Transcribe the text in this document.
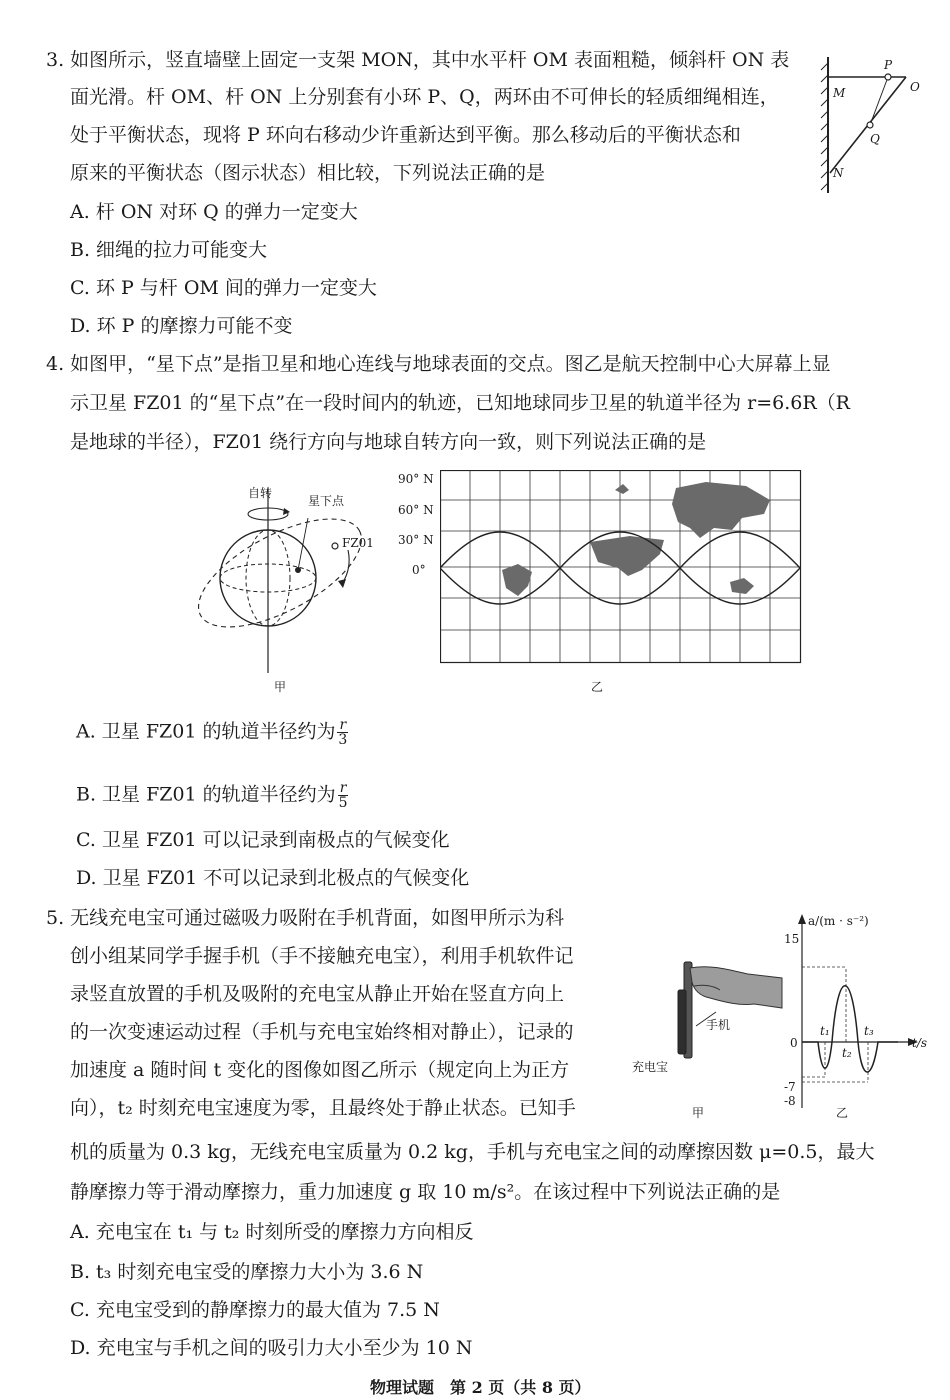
3. 如图所示，竖直墙壁上固定一支架 MON，其中水平杆 OM 表面粗糙，倾斜杆 ON 表
面光滑。杆 OM、杆 ON 上分别套有小环 P、Q，两环由不可伸长的轻质细绳相连，
处于平衡状态，现将 P 环向右移动少许重新达到平衡。那么移动后的平衡状态和
原来的平衡状态（图示状态）相比较，下列说法正确的是
A. 杆 ON 对环 Q 的弹力一定变大
B. 细绳的拉力可能变大
C. 环 P 与杆 OM 间的弹力一定变大
D. 环 P 的摩擦力可能不变
P
O
M
Q
N
4. 如图甲，“星下点”是指卫星和地心连线与地球表面的交点。图乙是航天控制中心大屏幕上显
示卫星 FZ01 的“星下点”在一段时间内的轨迹，已知地球同步卫星的轨道半径为 r=6.6R（R
是地球的半径），FZ01 绕行方向与地球自转方向一致，则下列说法正确的是
自转
星下点
FZ01
甲
90° N
60° N
30° N
0°
乙
A. 卫星 FZ01 的轨道半径约为 $\frac{r}{3}$
B. 卫星 FZ01 的轨道半径约为 $\frac{r}{5}$
C. 卫星 FZ01 可以记录到南极点的气候变化
D. 卫星 FZ01 不可以记录到北极点的气候变化
5. 无线充电宝可通过磁吸力吸附在手机背面，如图甲所示为科
创小组某同学手握手机（手不接触充电宝），利用手机软件记
录竖直放置的手机及吸附的充电宝从静止开始在竖直方向上
的一次变速运动过程（手机与充电宝始终相对静止），记录的
加速度 a 随时间 t 变化的图像如图乙所示（规定向上为正方
向），t₂ 时刻充电宝速度为零，且最终处于静止状态。已知手
机的质量为 0.3 kg，无线充电宝质量为 0.2 kg，手机与充电宝之间的动摩擦因数 μ=0.5，最大
静摩擦力等于滑动摩擦力，重力加速度 g 取 10 m/s²。在该过程中下列说法正确的是
A. 充电宝在 t₁ 与 t₂ 时刻所受的摩擦力方向相反
B. t₃ 时刻充电宝受的摩擦力大小为 3.6 N
C. 充电宝受到的静摩擦力的最大值为 7.5 N
D. 充电宝与手机之间的吸引力大小至少为 10 N
手机
充电宝
甲
a/(m · s⁻²)
t/s
15
0
-7
-8
t₁
t₂
t₃
乙
物理试题　第 2 页（共 8 页）
